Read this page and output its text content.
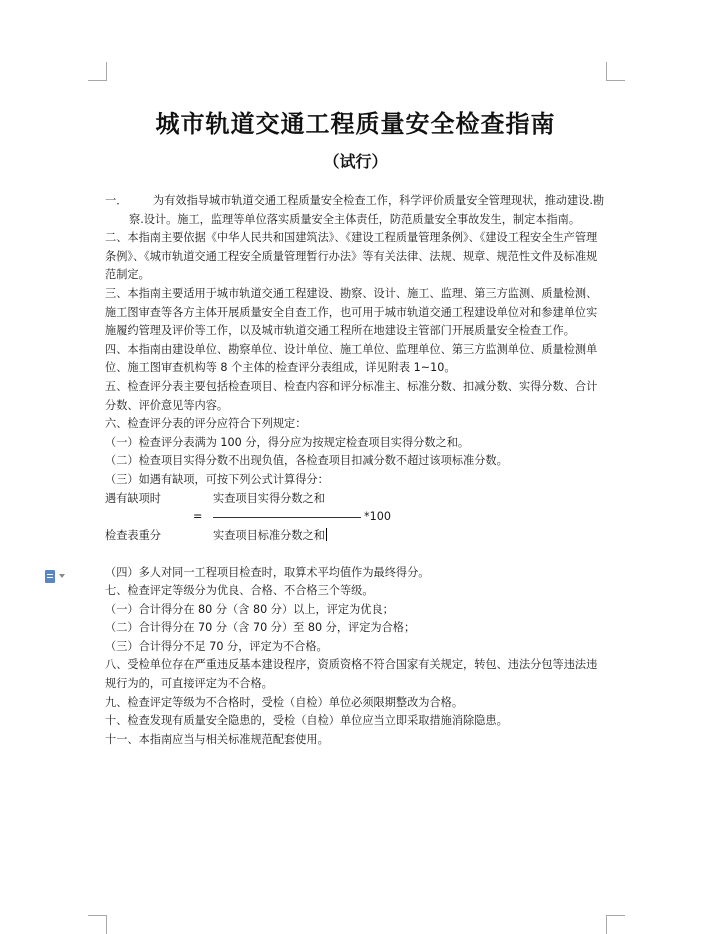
城市轨道交通工程质量安全检查指南
（试行）

一． 为有效指导城市轨道交通工程质量安全检查工作，科学评价质量安全管理现状，推动建设.勘察.设计。施工，监理等单位落实质量安全主体责任，防范质量安全事故发生，制定本指南。

二、本指南主要依据《中华人民共和国建筑法》、《建设工程质量管理条例》、《建设工程安全生产管理条例》、《城市轨道交通工程安全质量管理暂行办法》等有关法律、法规、规章、规范性文件及标准规范制定。

三、本指南主要适用于城市轨道交通工程建设、勘察、设计、施工、监理、第三方监测、质量检测、施工图审查等各方主体开展质量安全自查工作，也可用于城市轨道交通工程建设单位对和参建单位实施履约管理及评价等工作，以及城市轨道交通工程所在地建设主管部门开展质量安全检查工作。

四、本指南由建设单位、勘察单位、设计单位、施工单位、监理单位、第三方监测单位、质量检测单位、施工图审查机构等 8 个主体的检查评分表组成，详见附表 1~10。

五、检查评分表主要包括检查项目、检查内容和评分标准主、标准分数、扣减分数、实得分数、合计分数、评价意见等内容。

六、检查评分表的评分应符合下列规定：

（一）检查评分表满为 100 分，得分应为按规定检查项目实得分数之和。

（二）检查项目实得分数不出现负值，各检查项目扣减分数不超过该项标准分数。

（三）如遇有缺项，可按下列公式计算得分：

遇有缺项时	实查项目实得分数之和
=	*100
检查表重分	实查项目标准分数之和

（四）多人对同一工程项目检查时，取算术平均值作为最终得分。

七、检查评定等级分为优良、合格、不合格三个等级。

（一）合计得分在 80 分（含 80 分）以上，评定为优良；

（二）合计得分在 70 分（含 70 分）至 80 分，评定为合格；

（三）合计得分不足 70 分，评定为不合格。

八、受检单位存在严重违反基本建设程序，资质资格不符合国家有关规定，转包、违法分包等违法违规行为的，可直接评定为不合格。

九、检查评定等级为不合格时，受检（自检）单位必须限期整改为合格。

十、检查发现有质量安全隐患的，受检（自检）单位应当立即采取措施消除隐患。

十一、本指南应当与相关标准规范配套使用。
